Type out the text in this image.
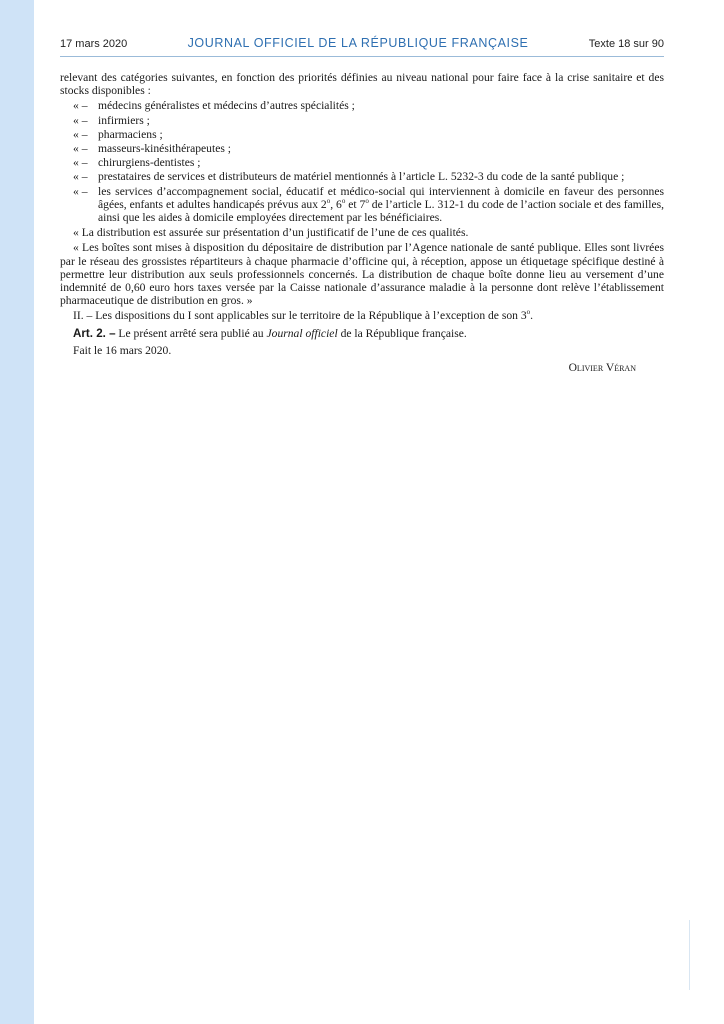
17 mars 2020	JOURNAL OFFICIEL DE LA RÉPUBLIQUE FRANÇAISE	Texte 18 sur 90

relevant des catégories suivantes, en fonction des priorités définies au niveau national pour faire face à la crise sanitaire et des stocks disponibles :

« – médecins généralistes et médecins d’autres spécialités ;
« – infirmiers ;
« – pharmaciens ;
« – masseurs-kinésithérapeutes ;
« – chirurgiens-dentistes ;
« – prestataires de services et distributeurs de matériel mentionnés à l’article L. 5232-3 du code de la santé publique ;
« – les services d’accompagnement social, éducatif et médico-social qui interviennent à domicile en faveur des personnes âgées, enfants et adultes handicapés prévus aux 2$^o$, 6$^o$ et 7$^o$ de l’article L. 312-1 du code de l’action sociale et des familles, ainsi que les aides à domicile employées directement par les bénéficiaires.

« La distribution est assurée sur présentation d’un justificatif de l’une de ces qualités.

« Les boîtes sont mises à disposition du dépositaire de distribution par l’Agence nationale de santé publique. Elles sont livrées par le réseau des grossistes répartiteurs à chaque pharmacie d’officine qui, à réception, appose un étiquetage spécifique destiné à permettre leur distribution aux seuls professionnels concernés. La distribution de chaque boîte donne lieu au versement d’une indemnité de 0,60 euro hors taxes versée par la Caisse nationale d’assurance maladie à la personne dont relève l’établissement pharmaceutique de distribution en gros. »

II. – Les dispositions du I sont applicables sur le territoire de la République à l’exception de son 3$^o$.

Art. 2. – Le présent arrêté sera publié au Journal officiel de la République française.

Fait le 16 mars 2020.

Olivier Véran
